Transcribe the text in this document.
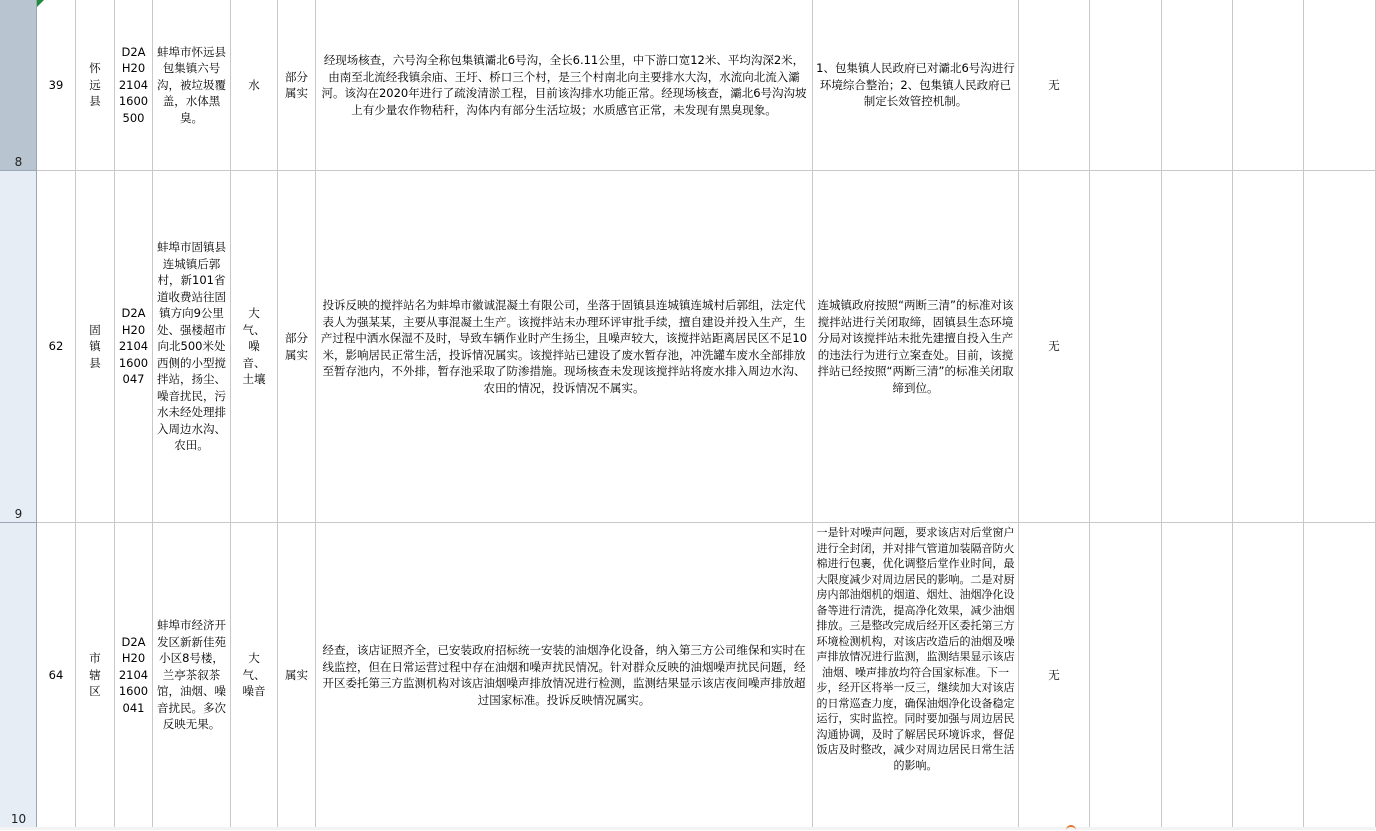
8
39
怀远县
D2AH2021041600500
蚌埠市怀远县包集镇六号沟，被垃圾覆盖，水体黑臭。
水
部分属实
经现场核查，六号沟全称包集镇灞北6号沟，全长6.11公里，中下游口宽12米、平均沟深2米，由南至北流经我镇余庙、王圩、桥口三个村，是三个村南北向主要排水大沟，水流向北流入灞河。该沟在2020年进行了疏浚清淤工程，目前该沟排水功能正常。经现场核查，灞北6号沟沟坡上有少量农作物秸秆，沟体内有部分生活垃圾；水质感官正常，未发现有黑臭现象。
1、包集镇人民政府已对灞北6号沟进行环境综合整治；2、包集镇人民政府已制定长效管控机制。
无
9
62
固镇县
D2AH2021041600047
蚌埠市固镇县连城镇后郭村，新101省道收费站往固镇方向9公里处、强楼超市向北500米处西侧的小型搅拌站，扬尘、噪音扰民，污水未经处理排入周边水沟、农田。
大气、噪音、土壤
部分属实
投诉反映的搅拌站名为蚌埠市徽诚混凝土有限公司，坐落于固镇县连城镇连城村后郭组，法定代表人为强某某，主要从事混凝土生产。该搅拌站未办理环评审批手续，擅自建设并投入生产，生产过程中洒水保湿不及时，导致车辆作业时产生扬尘，且噪声较大，该搅拌站距离居民区不足10米，影响居民正常生活，投诉情况属实。该搅拌站已建设了废水暂存池，冲洗罐车废水全部排放至暂存池内，不外排，暂存池采取了防渗措施。现场核查未发现该搅拌站将废水排入周边水沟、农田的情况，投诉情况不属实。
连城镇政府按照“两断三清”的标准对该搅拌站进行关闭取缔，固镇县生态环境分局对该搅拌站未批先建擅自投入生产的违法行为进行立案查处。目前，该搅拌站已经按照“两断三清”的标准关闭取缔到位。
无
10
64
市辖区
D2AH2021041600041
蚌埠市经济开发区新新佳苑小区8号楼，兰亭茶叙茶馆，油烟、噪音扰民。多次反映无果。
大气、噪音
属实
经查，该店证照齐全，已安装政府招标统一安装的油烟净化设备，纳入第三方公司维保和实时在线监控，但在日常运营过程中存在油烟和噪声扰民情况。针对群众反映的油烟噪声扰民问题，经开区委托第三方监测机构对该店油烟噪声排放情况进行检测，监测结果显示该店夜间噪声排放超过国家标准。投诉反映情况属实。
一是针对噪声问题，要求该店对后堂窗户进行全封闭，并对排气管道加装隔音防火棉进行包裹，优化调整后堂作业时间，最大限度减少对周边居民的影响。二是对厨房内部油烟机的烟道、烟灶、油烟净化设备等进行清洗，提高净化效果，减少油烟排放。三是整改完成后经开区委托第三方环境检测机构，对该店改造后的油烟及噪声排放情况进行监测，监测结果显示该店油烟、噪声排放均符合国家标准。下一步，经开区将举一反三，继续加大对该店的日常巡查力度，确保油烟净化设备稳定运行，实时监控。同时要加强与周边居民沟通协调，及时了解居民环境诉求，督促饭店及时整改，减少对周边居民日常生活的影响。
无
